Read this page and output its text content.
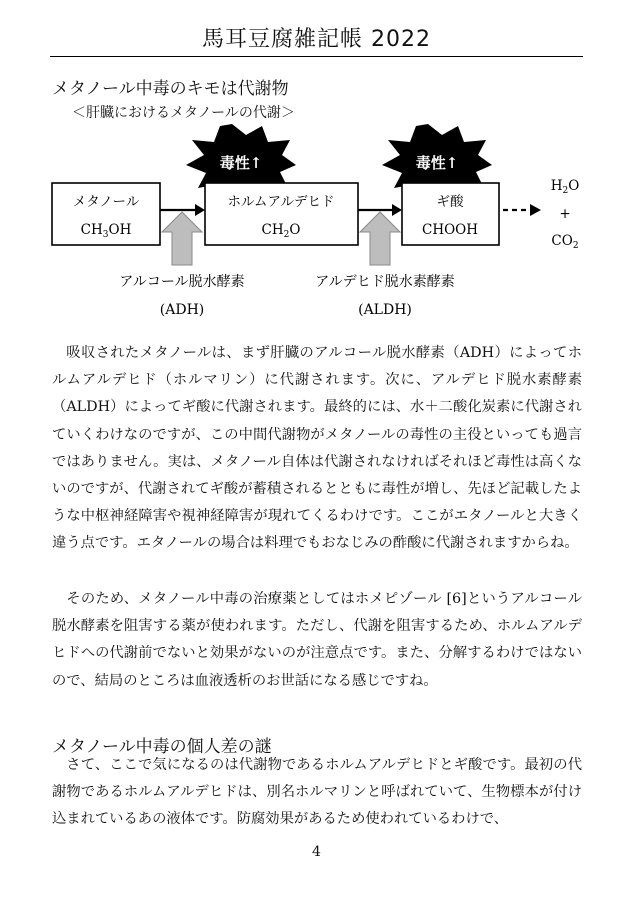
馬耳豆腐雑記帳 2022
メタノール中毒のキモは代謝物
＜肝臓におけるメタノールの代謝＞
毒性↑	毒性↑
メタノール
$CH_3OH$
ホルムアルデヒド
$CH_2O$
ギ酸
CHOOH
$H_2O$
+
$CO_2$
アルコール脱水酵素
(ADH)
アルデヒド脱水素酵素
(ALDH)

吸収されたメタノールは、まず肝臓のアルコール脱水酵素（ADH）によってホルムアルデヒド（ホルマリン）に代謝されます。次に、アルデヒド脱水素酵素（ALDH）によってギ酸に代謝されます。最終的には、水＋二酸化炭素に代謝されていくわけなのですが、この中間代謝物がメタノールの毒性の主役といっても過言ではありません。実は、メタノール自体は代謝されなければそれほど毒性は高くないのですが、代謝されてギ酸が蓄積されるとともに毒性が増し、先ほど記載したような中枢神経障害や視神経障害が現れてくるわけです。ここがエタノールと大きく違う点です。エタノールの場合は料理でもおなじみの酢酸に代謝されますからね。

そのため、メタノール中毒の治療薬としてはホメピゾール [6]というアルコール脱水酵素を阻害する薬が使われます。ただし、代謝を阻害するため、ホルムアルデヒドへの代謝前でないと効果がないのが注意点です。また、分解するわけではないので、結局のところは血液透析のお世話になる感じですね。

メタノール中毒の個人差の謎

さて、ここで気になるのは代謝物であるホルムアルデヒドとギ酸です。最初の代謝物であるホルムアルデヒドは、別名ホルマリンと呼ばれていて、生物標本が付け込まれているあの液体です。防腐効果があるため使われているわけで、

4
